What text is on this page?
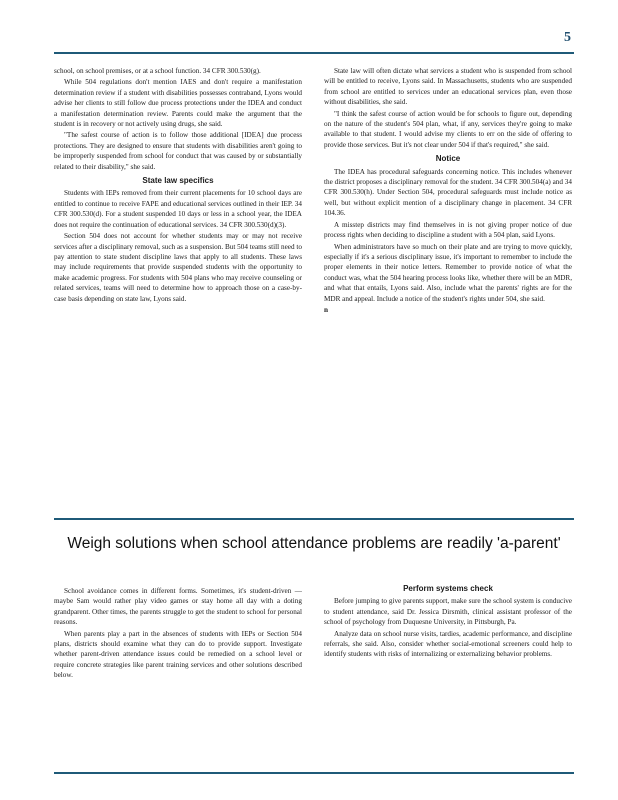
5

school, on school premises, or at a school function. 34 CFR 300.530(g).

While 504 regulations don't mention IAES and don't require a manifestation determination review if a student with disabilities possesses contraband, Lyons would advise her clients to still follow due process protections under the IDEA and conduct a manifestation determination review. Parents could make the argument that the student is in recovery or not actively using drugs, she said.

"The safest course of action is to follow those additional [IDEA] due process protections. They are designed to ensure that students with disabilities aren't going to be improperly suspended from school for conduct that was caused by or substantially related to their disability," she said.

State law specifics

Students with IEPs removed from their current placements for 10 school days are entitled to continue to receive FAPE and educational services outlined in their IEP. 34 CFR 300.530(d). For a student suspended 10 days or less in a school year, the IDEA does not require the continuation of educational services. 34 CFR 300.530(d)(3).

Section 504 does not account for whether students may or may not receive services after a disciplinary removal, such as a suspension. But 504 teams still need to pay attention to state student discipline laws that apply to all students. These laws may include requirements that provide suspended students with the opportunity to make academic progress. For students with 504 plans who may receive counseling or related services, teams will need to determine how to approach those on a case-by-case basis depending on state law, Lyons said.

State law will often dictate what services a student who is suspended from school will be entitled to receive, Lyons said. In Massachusetts, students who are suspended from school are entitled to services under an educational services plan, even those without disabilities, she said.

"I think the safest course of action would be for schools to figure out, depending on the nature of the student's 504 plan, what, if any, services they're going to make available to that student. I would advise my clients to err on the side of offering to provide those services. But it's not clear under 504 if that's required," she said.

Notice

The IDEA has procedural safeguards concerning notice. This includes whenever the district proposes a disciplinary removal for the student. 34 CFR 300.504(a) and 34 CFR 300.530(h). Under Section 504, procedural safeguards must include notice as well, but without explicit mention of a disciplinary change in placement. 34 CFR 104.36.

A misstep districts may find themselves in is not giving proper notice of due process rights when deciding to discipline a student with a 504 plan, said Lyons.

When administrators have so much on their plate and are trying to move quickly, especially if it's a serious disciplinary issue, it's important to remember to include the proper elements in their notice letters. Remember to provide notice of what the conduct was, what the 504 hearing process looks like, whether there will be an MDR, and what that entails, Lyons said. Also, include what the parents' rights are for the MDR and appeal. Include a notice of the student's rights under 504, she said.

n

Weigh solutions when school attendance problems are readily 'a-parent'

School avoidance comes in different forms. Sometimes, it's student-driven — maybe Sam would rather play video games or stay home all day with a doting grandparent. Other times, the parents struggle to get the student to school for personal reasons.

When parents play a part in the absences of students with IEPs or Section 504 plans, districts should examine what they can do to provide support. Investigate whether parent-driven attendance issues could be remedied on a school level or require concrete strategies like parent training services and other solutions described below.

Perform systems check

Before jumping to give parents support, make sure the school system is conducive to student attendance, said Dr. Jessica Dirsmith, clinical assistant professor of the school of psychology from Duquesne University, in Pittsburgh, Pa.

Analyze data on school nurse visits, tardies, academic performance, and discipline referrals, she said. Also, consider whether social-emotional screeners could help to identify students with risks of internalizing or externalizing behavior problems.
